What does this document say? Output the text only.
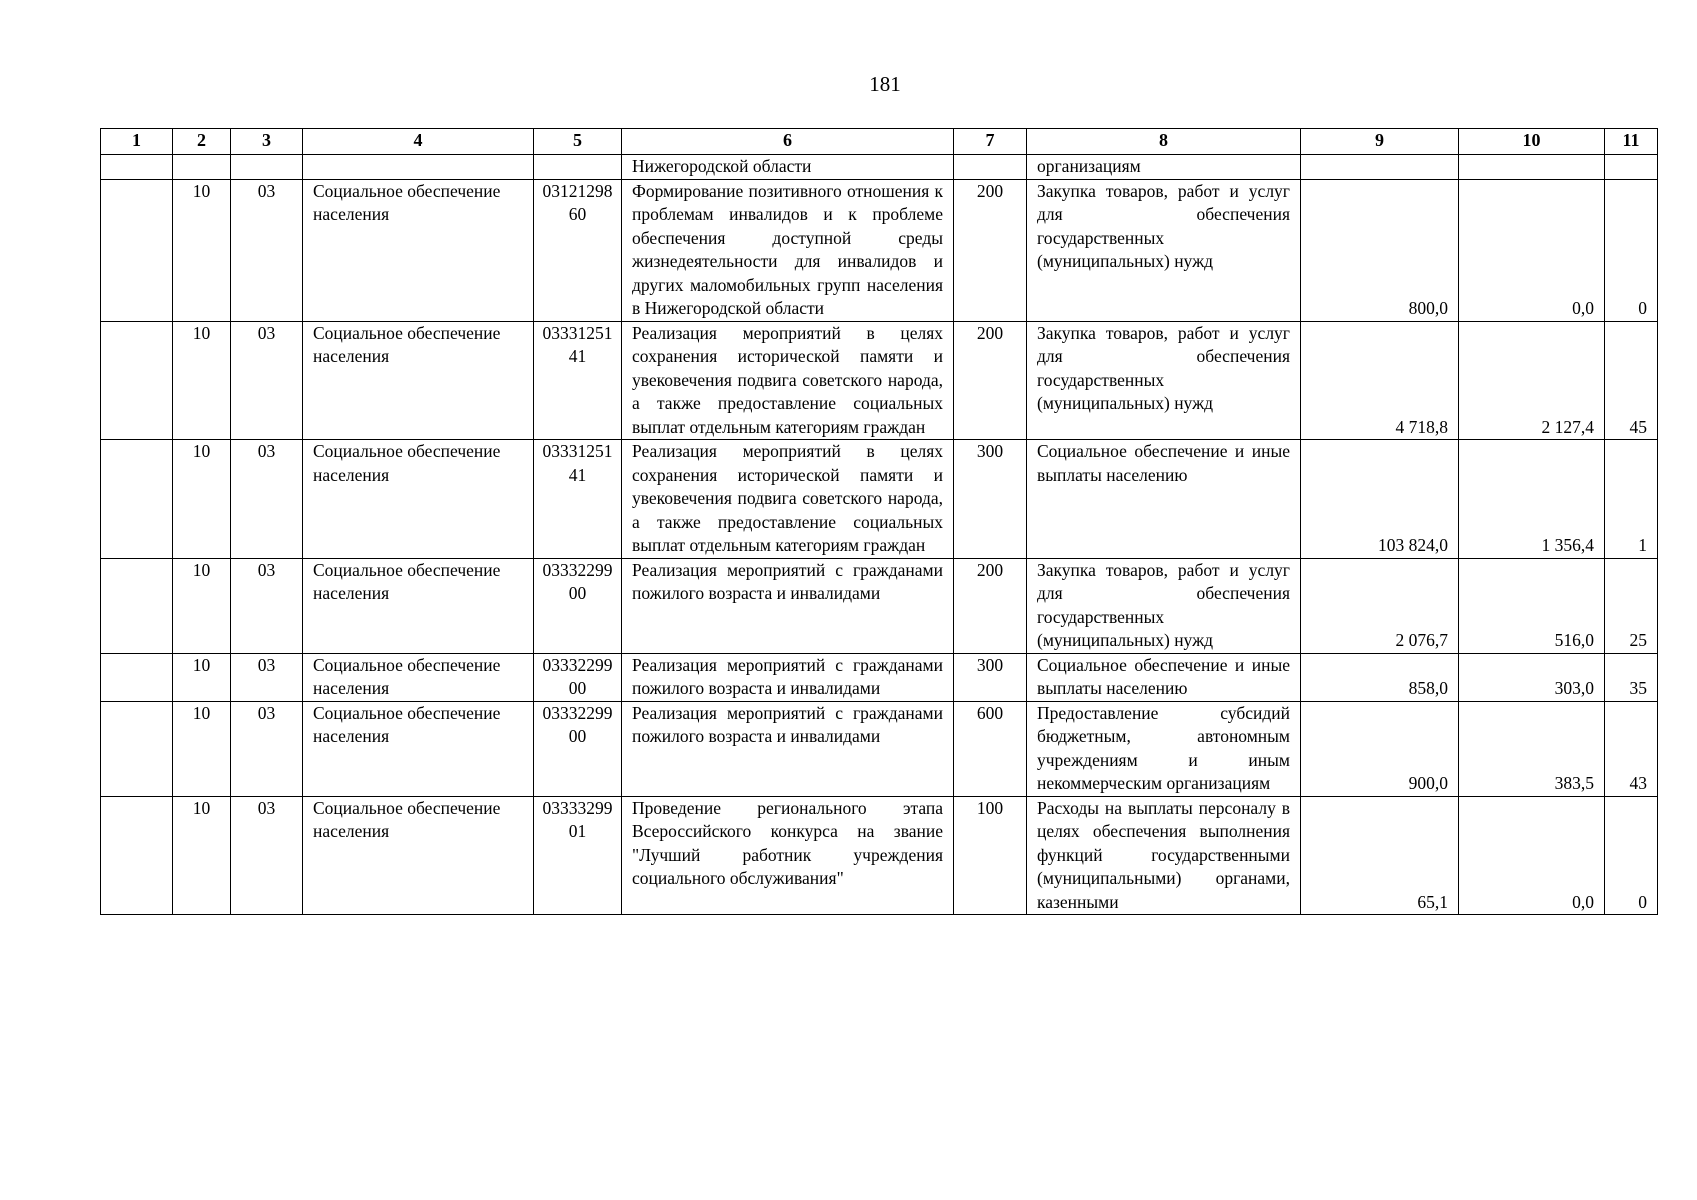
181
1	2	3	4	5	6	7	8	9	10	11
					Нижегородской области		организациям			
	10	03	Социальное обеспечение населения	0312129860	Формирование позитивного отношения к проблемам инвалидов и к проблеме обеспечения доступной среды жизнедеятельности для инвалидов и других маломобильных групп населения в Нижегородской области	200	Закупка товаров, работ и услуг для обеспечения государственных (муниципальных) нужд	800,0	0,0	0
	10	03	Социальное обеспечение населения	0333125141	Реализация мероприятий в целях сохранения исторической памяти и увековечения подвига советского народа, а также предоставление социальных выплат отдельным категориям граждан	200	Закупка товаров, работ и услуг для обеспечения государственных (муниципальных) нужд	4 718,8	2 127,4	45
	10	03	Социальное обеспечение населения	0333125141	Реализация мероприятий в целях сохранения исторической памяти и увековечения подвига советского народа, а также предоставление социальных выплат отдельным категориям граждан	300	Социальное обеспечение и иные выплаты населению	103 824,0	1 356,4	1
	10	03	Социальное обеспечение населения	0333229900	Реализация мероприятий с гражданами пожилого возраста и инвалидами	200	Закупка товаров, работ и услуг для обеспечения государственных (муниципальных) нужд	2 076,7	516,0	25
	10	03	Социальное обеспечение населения	0333229900	Реализация мероприятий с гражданами пожилого возраста и инвалидами	300	Социальное обеспечение и иные выплаты населению	858,0	303,0	35
	10	03	Социальное обеспечение населения	0333229900	Реализация мероприятий с гражданами пожилого возраста и инвалидами	600	Предоставление субсидий бюджетным, автономным учреждениям и иным некоммерческим организациям	900,0	383,5	43
	10	03	Социальное обеспечение населения	0333329901	Проведение регионального этапа Всероссийского конкурса на звание "Лучший работник учреждения социального обслуживания"	100	Расходы на выплаты персоналу в целях обеспечения выполнения функций государственными (муниципальными) органами, казенными	65,1	0,0	0
